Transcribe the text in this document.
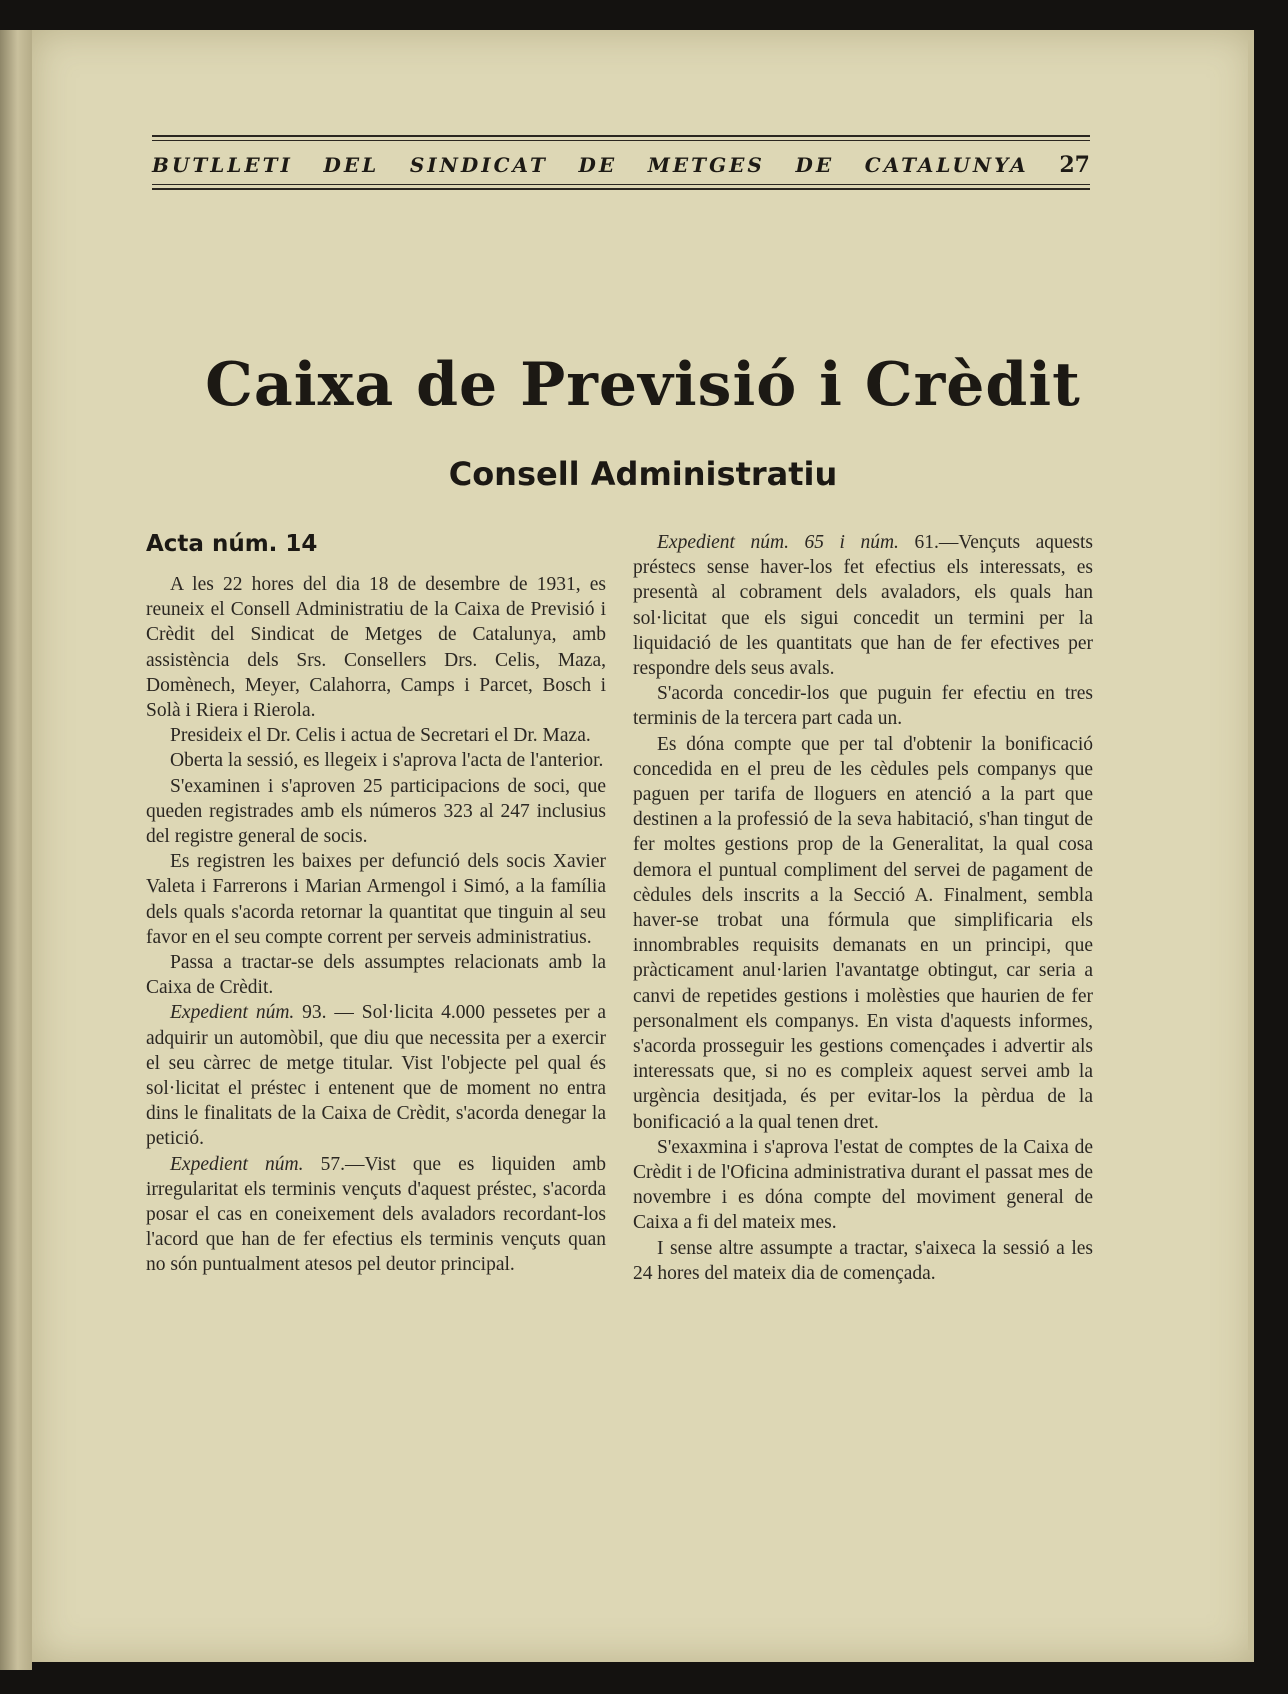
BUTLLETI DEL SINDICAT DE METGES DE CATALUNYA 27
Caixa de Previsió i Crèdit
Consell Administratiu
Acta núm. 14

A les 22 hores del dia 18 de desembre de 1931, es reuneix el Consell Administratiu de la Caixa de Previsió i Crèdit del Sindicat de Metges de Catalunya, amb assistència dels Srs. Consellers Drs. Celis, Maza, Domènech, Meyer, Calahorra, Camps i Parcet, Bosch i Solà i Riera i Rierola.

Presideix el Dr. Celis i actua de Secretari el Dr. Maza.

Oberta la sessió, es llegeix i s'aprova l'acta de l'anterior.

S'examinen i s'aproven 25 participacions de soci, que queden registrades amb els números 323 al 247 inclusius del registre general de socis.

Es registren les baixes per defunció dels socis Xavier Valeta i Farrerons i Marian Armengol i Simó, a la família dels quals s'acorda retornar la quantitat que tinguin al seu favor en el seu compte corrent per serveis administratius.

Passa a tractar-se dels assumptes relacionats amb la Caixa de Crèdit.

Expedient núm. 93. — Sol·licita 4.000 pessetes per a adquirir un automòbil, que diu que necessita per a exercir el seu càrrec de metge titular. Vist l'objecte pel qual és sol·licitat el préstec i entenent que de moment no entra dins le finalitats de la Caixa de Crèdit, s'acorda denegar la petició.

Expedient núm. 57.—Vist que es liquiden amb irregularitat els terminis vençuts d'aquest préstec, s'acorda posar el cas en coneixement dels avaladors recordant-los l'acord que han de fer efectius els terminis vençuts quan no són puntualment atesos pel deutor principal.

Expedient núm. 65 i núm. 61.—Vençuts aquests préstecs sense haver-los fet efectius els interessats, es presentà al cobrament dels avaladors, els quals han sol·licitat que els sigui concedit un termini per la liquidació de les quantitats que han de fer efectives per respondre dels seus avals.

S'acorda concedir-los que puguin fer efectiu en tres terminis de la tercera part cada un.

Es dóna compte que per tal d'obtenir la bonificació concedida en el preu de les cèdules pels companys que paguen per tarifa de lloguers en atenció a la part que destinen a la professió de la seva habitació, s'han tingut de fer moltes gestions prop de la Generalitat, la qual cosa demora el puntual compliment del servei de pagament de cèdules dels inscrits a la Secció A. Finalment, sembla haver-se trobat una fórmula que simplificaria els innombrables requisits demanats en un principi, que pràcticament anul·larien l'avantatge obtingut, car seria a canvi de repetides gestions i molèsties que haurien de fer personalment els companys. En vista d'aquests informes, s'acorda prosseguir les gestions començades i advertir als interessats que, si no es compleix aquest servei amb la urgència desitjada, és per evitar-los la pèrdua de la bonificació a la qual tenen dret.

S'exaxmina i s'aprova l'estat de comptes de la Caixa de Crèdit i de l'Oficina administrativa durant el passat mes de novembre i es dóna compte del moviment general de Caixa a fi del mateix mes.

I sense altre assumpte a tractar, s'aixeca la sessió a les 24 hores del mateix dia de començada.
